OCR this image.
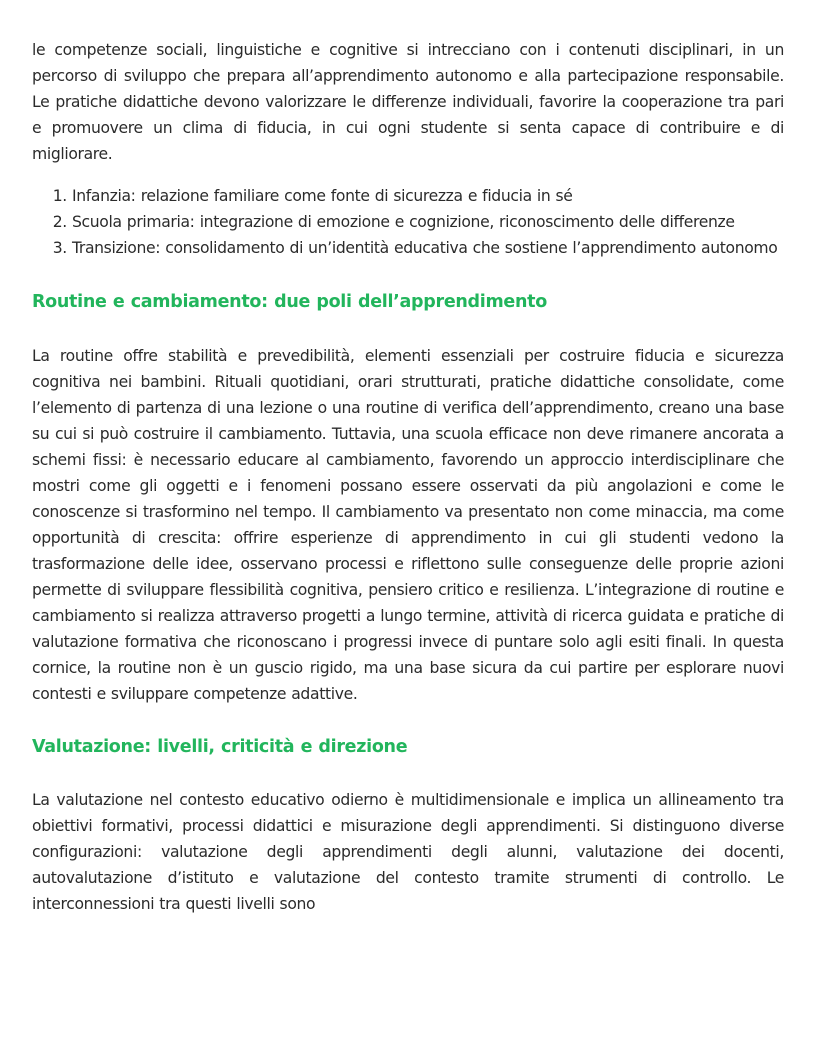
le competenze sociali, linguistiche e cognitive si intrecciano con i contenuti disciplinari, in un percorso di sviluppo che prepara all’apprendimento autonomo e alla partecipazione responsabile. Le pratiche didattiche devono valorizzare le differenze individuali, favorire la cooperazione tra pari e promuovere un clima di fiducia, in cui ogni studente si senta capace di contribuire e di migliorare.

1. Infanzia: relazione familiare come fonte di sicurezza e fiducia in sé
2. Scuola primaria: integrazione di emozione e cognizione, riconoscimento delle differenze
3. Transizione: consolidamento di un’identità educativa che sostiene l’apprendimento autonomo
Routine e cambiamento: due poli dell’apprendimento

La routine offre stabilità e prevedibilità, elementi essenziali per costruire fiducia e sicurezza cognitiva nei bambini. Rituali quotidiani, orari strutturati, pratiche didattiche consolidate, come l’elemento di partenza di una lezione o una routine di verifica dell’apprendimento, creano una base su cui si può costruire il cambiamento. Tuttavia, una scuola efficace non deve rimanere ancorata a schemi fissi: è necessario educare al cambiamento, favorendo un approccio interdisciplinare che mostri come gli oggetti e i fenomeni possano essere osservati da più angolazioni e come le conoscenze si trasformino nel tempo. Il cambiamento va presentato non come minaccia, ma come opportunità di crescita: offrire esperienze di apprendimento in cui gli studenti vedono la trasformazione delle idee, osservano processi e riflettono sulle conseguenze delle proprie azioni permette di sviluppare flessibilità cognitiva, pensiero critico e resilienza. L’integrazione di routine e cambiamento si realizza attraverso progetti a lungo termine, attività di ricerca guidata e pratiche di valutazione formativa che riconoscano i progressi invece di puntare solo agli esiti finali. In questa cornice, la routine non è un guscio rigido, ma una base sicura da cui partire per esplorare nuovi contesti e sviluppare competenze adattive.

Valutazione: livelli, criticità e direzione

La valutazione nel contesto educativo odierno è multidimensionale e implica un allineamento tra obiettivi formativi, processi didattici e misurazione degli apprendimenti. Si distinguono diverse configurazioni: valutazione degli apprendimenti degli alunni, valutazione dei docenti, autovalutazione d’istituto e valutazione del contesto tramite strumenti di controllo. Le interconnessioni tra questi livelli sono
